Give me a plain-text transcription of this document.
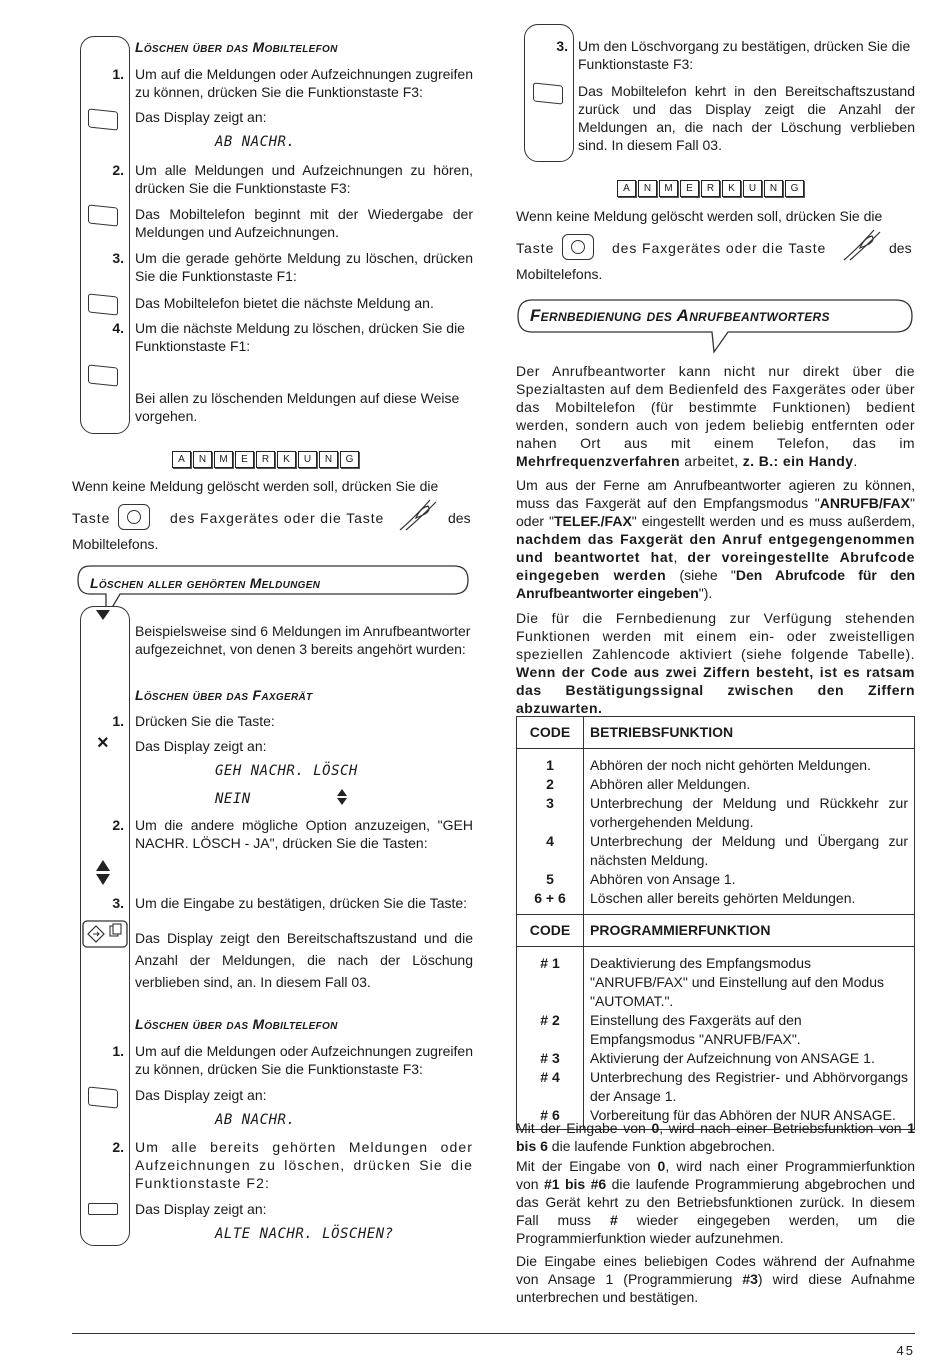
Löschen über das Mobiltelefon
1. Um auf die Meldungen oder Aufzeichnungen zugreifen zu können, drücken Sie die Funktionstaste F3:
Das Display zeigt an:
AB NACHR.
2. Um alle Meldungen und Aufzeichnungen zu hören, drücken Sie die Funktionstaste F3:
Das Mobiltelefon beginnt mit der Wiedergabe der Meldungen und Aufzeichnungen.
3. Um die gerade gehörte Meldung zu löschen, drücken Sie die Funktionstaste F1:
Das Mobiltelefon bietet die nächste Meldung an.
4. Um die nächste Meldung zu löschen, drücken Sie die Funktionstaste F1:
Bei allen zu löschenden Meldungen auf diese Weise vorgehen.
A	N	M	E	R	K	U	N	G
Wenn keine Meldung gelöscht werden soll, drücken Sie die
Taste	des Faxgerätes oder die Taste	des
Mobiltelefons.
Löschen aller gehörten Meldungen
Beispielsweise sind 6 Meldungen im Anrufbeantworter aufgezeichnet, von denen 3 bereits angehört wurden:
Löschen über das Faxgerät
1. Drücken Sie die Taste:
× Das Display zeigt an:
GEH NACHR. LÖSCH
NEIN
2. Um die andere mögliche Option anzuzeigen, "GEH NACHR. LÖSCH - JA", drücken Sie die Tasten:
3. Um die Eingabe zu bestätigen, drücken Sie die Taste:
Das Display zeigt den Bereitschaftszustand und die Anzahl der Meldungen, die nach der Löschung verblieben sind, an. In diesem Fall 03.
Löschen über das Mobiltelefon
1. Um auf die Meldungen oder Aufzeichnungen zugreifen zu können, drücken Sie die Funktionstaste F3:
Das Display zeigt an:
AB NACHR.
2. Um alle bereits gehörten Meldungen oder Aufzeichnungen zu löschen, drücken Sie die Funktionstaste F2:
Das Display zeigt an:
ALTE NACHR. LÖSCHEN?
3. Um den Löschvorgang zu bestätigen, drücken Sie die Funktionstaste F3:
Das Mobiltelefon kehrt in den Bereitschaftszustand zurück und das Display zeigt die Anzahl der Meldungen an, die nach der Löschung verblieben sind. In diesem Fall 03.
A	N	M	E	R	K	U	N	G
Wenn keine Meldung gelöscht werden soll, drücken Sie die
Taste	des Faxgerätes oder die Taste	des
Mobiltelefons.
Fernbedienung des Anrufbeantworters
Der Anrufbeantworter kann nicht nur direkt über die Spezialtasten auf dem Bedienfeld des Faxgerätes oder über das Mobiltelefon (für bestimmte Funktionen) bedient werden, sondern auch von jedem beliebig entfernten oder nahen Ort aus mit einem Telefon, das im Mehrfrequenzverfahren arbeitet, z. B.: ein Handy.
Um aus der Ferne am Anrufbeantworter agieren zu können, muss das Faxgerät auf den Empfangsmodus "ANRUFB/FAX" oder "TELEF./FAX" eingestellt werden und es muss außerdem, nachdem das Faxgerät den Anruf entgegengenommen und beantwortet hat, der voreingestellte Abrufcode eingegeben werden (siehe "Den Abrufcode für den Anrufbeantworter eingeben").
Die für die Fernbedienung zur Verfügung stehenden Funktionen werden mit einem ein- oder zweistelligen speziellen Zahlencode aktiviert (siehe folgende Tabelle). Wenn der Code aus zwei Ziffern besteht, ist es ratsam das Bestätigungssignal zwischen den Ziffern abzuwarten.
CODE	BETRIEBSFUNKTION
1	Abhören der noch nicht gehörten Meldungen.
2	Abhören aller Meldungen.
3	Unterbrechung der Meldung und Rückkehr zur vorhergehenden Meldung.
4	Unterbrechung der Meldung und Übergang zur nächsten Meldung.
5	Abhören von Ansage 1.
6 + 6	Löschen aller bereits gehörten Meldungen.
CODE	PROGRAMMIERFUNKTION
# 1	Deaktivierung des Empfangsmodus "ANRUFB/FAX" und Einstellung auf den Modus "AUTOMAT.".
# 2	Einstellung des Faxgeräts auf den Empfangsmodus "ANRUFB/FAX".
# 3	Aktivierung der Aufzeichnung von ANSAGE 1.
# 4	Unterbrechung des Registrier- und Abhörvorgangs der Ansage 1.
# 6	Vorbereitung für das Abhören der NUR ANSAGE.
Mit der Eingabe von 0, wird nach einer Betriebsfunktion von 1 bis 6 die laufende Funktion abgebrochen.
Mit der Eingabe von 0, wird nach einer Programmierfunktion von #1 bis #6 die laufende Programmierung abgebrochen und das Gerät kehrt zu den Betriebsfunktionen zurück. In diesem Fall muss # wieder eingegeben werden, um die Programmierfunktion wieder aufzunehmen.
Die Eingabe eines beliebigen Codes während der Aufnahme von Ansage 1 (Programmierung #3) wird diese Aufnahme unterbrechen und bestätigen.
45
